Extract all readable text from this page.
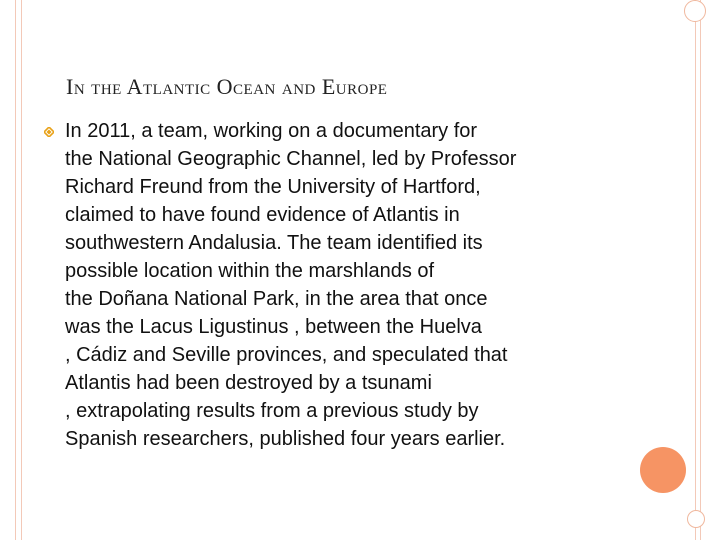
In the Atlantic Ocean and Europe
In 2011, a team, working on a documentary for
the National Geographic Channel, led by Professor
Richard Freund from the University of Hartford,
claimed to have found evidence of Atlantis in
southwestern Andalusia. The team identified its
possible location within the marshlands of
the Doñana National Park, in the area that once
was the Lacus Ligustinus , between the Huelva
, Cádiz and Seville provinces, and speculated that
Atlantis had been destroyed by a tsunami
, extrapolating results from a previous study by
Spanish researchers, published four years earlier.
